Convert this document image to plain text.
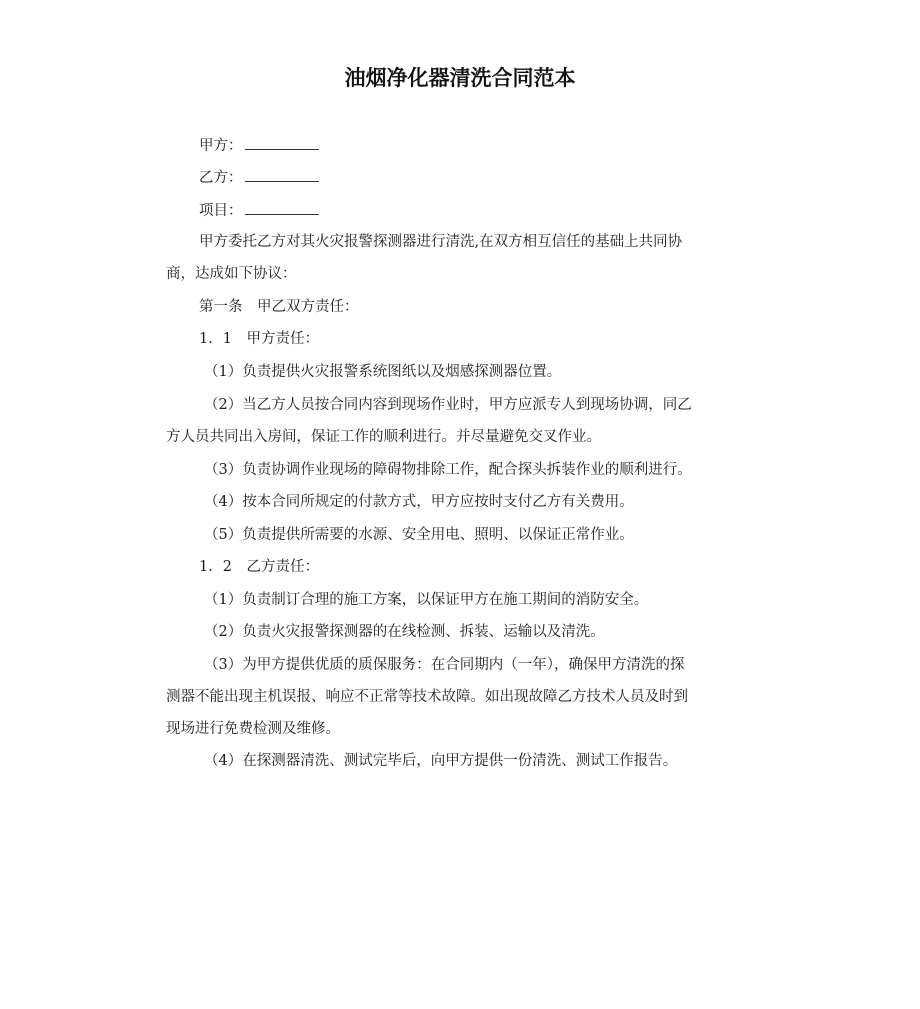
油烟净化器清洗合同范本
甲方：
乙方：
项目：
甲方委托乙方对其火灾报警探测器进行清洗,在双方相互信任的基础上共同协
商，达成如下协议：
第一条　甲乙双方责任：
1．1　甲方责任：
（1）负责提供火灾报警系统图纸以及烟感探测器位置。
（2）当乙方人员按合同内容到现场作业时，甲方应派专人到现场协调，同乙
方人员共同出入房间，保证工作的顺利进行。并尽量避免交叉作业。
（3）负责协调作业现场的障碍物排除工作，配合探头拆装作业的顺利进行。
（4）按本合同所规定的付款方式，甲方应按时支付乙方有关费用。
（5）负责提供所需要的水源、安全用电、照明、以保证正常作业。
1．2　乙方责任：
（1）负责制订合理的施工方案，以保证甲方在施工期间的消防安全。
（2）负责火灾报警探测器的在线检测、拆装、运输以及清洗。
（3）为甲方提供优质的质保服务：在合同期内（一年），确保甲方清洗的探
测器不能出现主机误报、响应不正常等技术故障。如出现故障乙方技术人员及时到
现场进行免费检测及维修。
（4）在探测器清洗、测试完毕后，向甲方提供一份清洗、测试工作报告。
